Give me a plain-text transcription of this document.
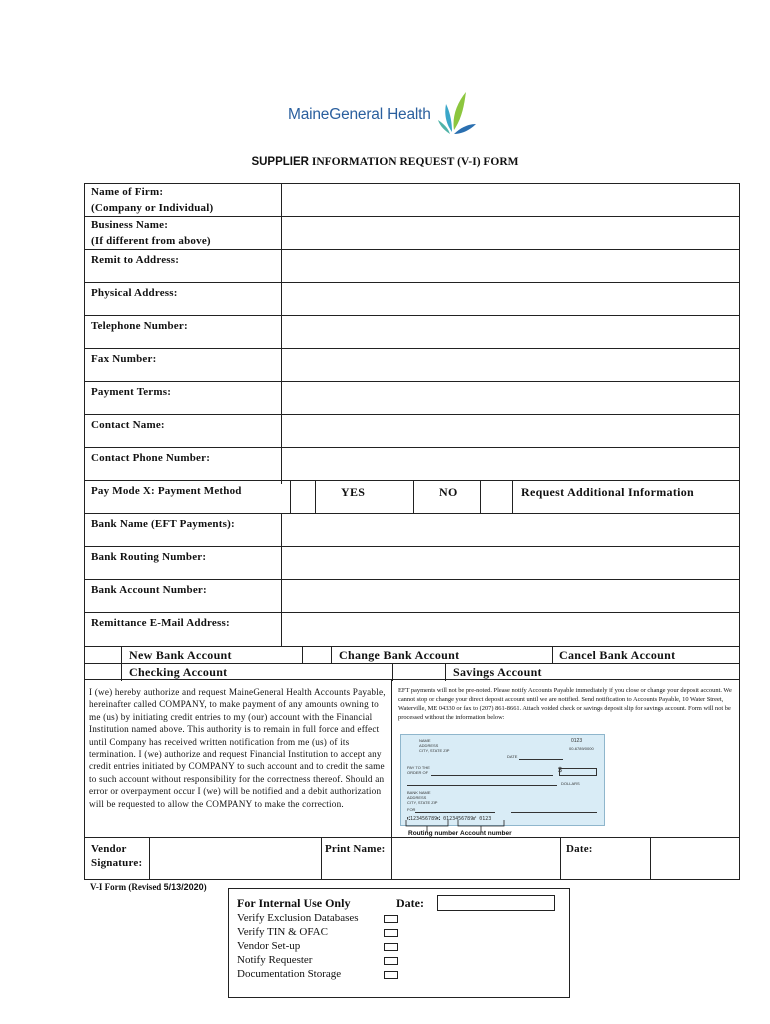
MaineGeneral Health
SUPPLIER INFORMATION REQUEST (V-I) FORM
Name of Firm:
(Company or Individual)
Business Name:
(If different from above)
Remit to Address:
Physical Address:
Telephone Number:
Fax Number:
Payment Terms:
Contact Name:
Contact Phone Number:
Pay Mode X: Payment Method	YES	NO	Request Additional Information
Bank Name (EFT Payments):
Bank Routing Number:
Bank Account Number:
Remittance E-Mail Address:
New Bank Account	Change Bank Account	Cancel Bank Account
Checking Account	Savings Account
I (we) hereby authorize and request MaineGeneral Health Accounts Payable, hereinafter called COMPANY, to make payment of any amounts owning to me (us) by initiating credit entries to my (our) account with the Financial Institution named above. This authority is to remain in full force and effect until Company has received written notification from me (us) of its termination. I (we) authorize and request Financial Institution to accept any credit entries initiated by COMPANY to such account and to credit the same to such account without responsibility for the correctness thereof. Should an error or overpayment occur I (we) will be notified and a debit authorization will be requested to allow the COMPANY to make the correction.
EFT payments will not be pre-noted. Please notify Accounts Payable immediately if you close or change your deposit account. We cannot stop or change your direct deposit account until we are notified. Send notification to Accounts Payable, 10 Water Street, Waterville, ME 04330 or fax to (207) 861-8661. Attach voided check or savings deposit slip for savings account. Form will not be processed without the information below:
NAME
ADDRESS
CITY, STATE ZIP
0123
00-6789/0000
DATE
PAY TO THE
ORDER OF	$
DOLLARS
BANK NAME
ADDRESS
CITY, STATE ZIP
FOR
⑆123456789⑆ 0123456789⑈ 0123
Routing number Account number
Vendor
Signature:
Print Name:	Date:
V-I Form (Revised 5/13/2020)
For Internal Use Only	Date:
Verify Exclusion Databases
Verify TIN & OFAC
Vendor Set-up
Notify Requester
Documentation Storage
